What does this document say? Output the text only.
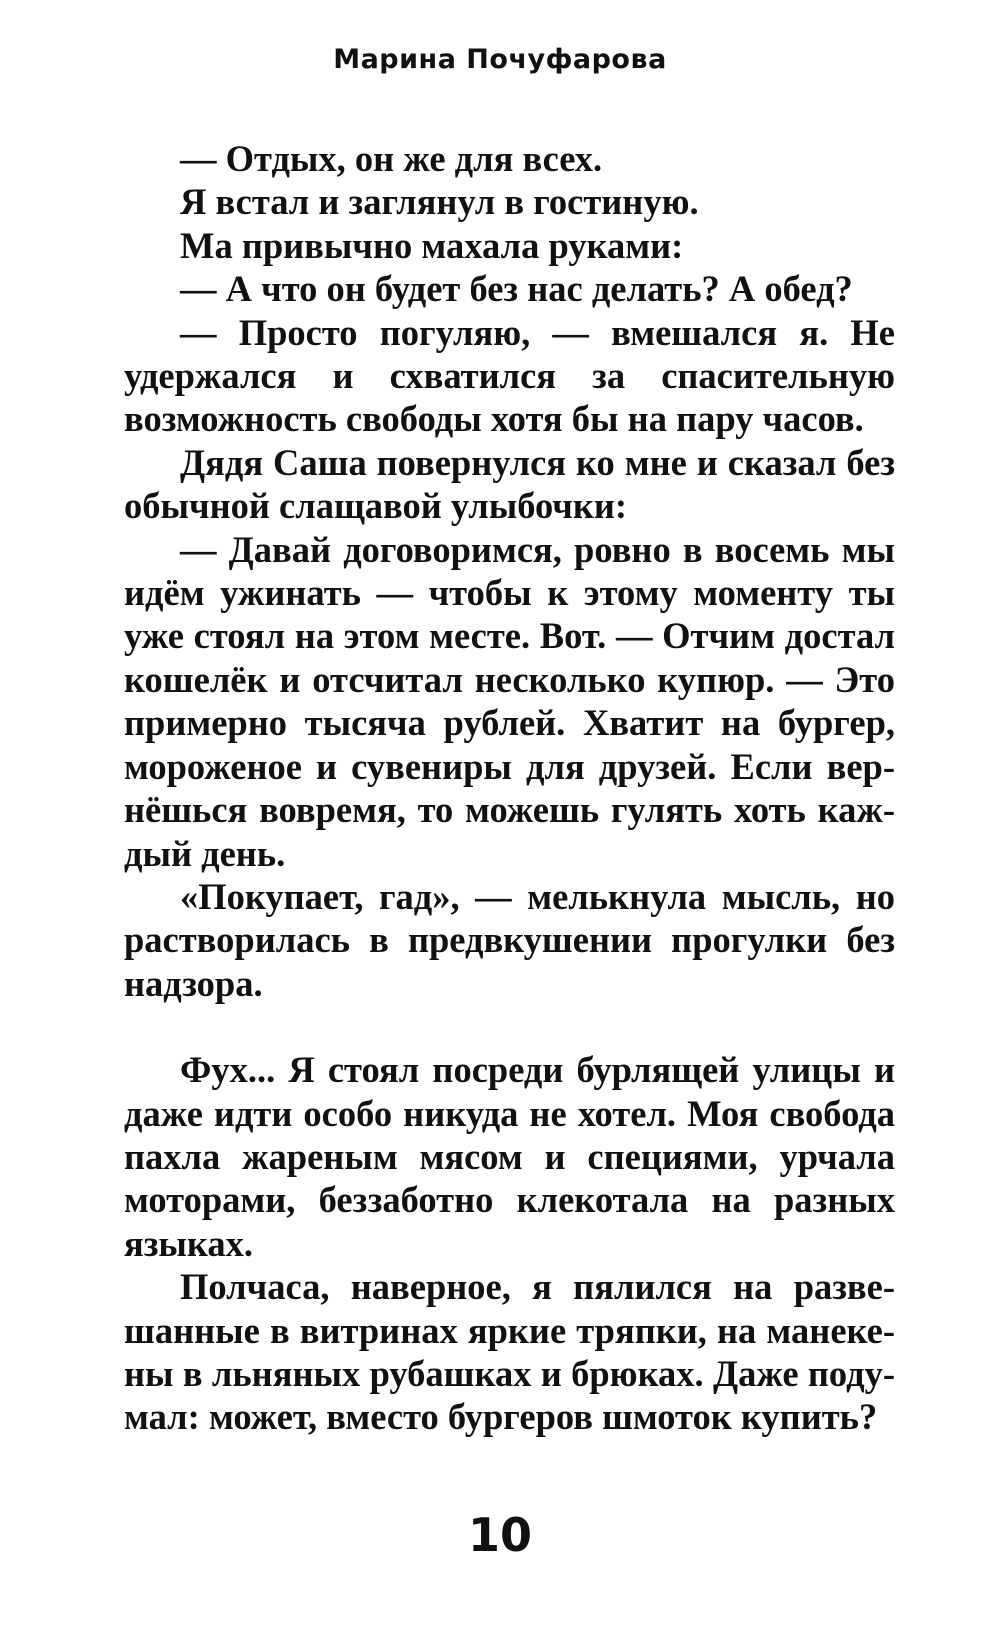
Марина Почуфарова

— Отдых, он же для всех.

Я встал и заглянул в гостиную.

Ма привычно махала руками:

— А что он будет без нас делать? А обед?

— Просто погуляю, — вмешался я. Не удержался и схватился за спасительную возможность свободы хотя бы на пару часов.

Дядя Саша повернулся ко мне и сказал без обычной слащавой улыбочки:

— Давай договоримся, ровно в восемь мы идём ужинать — чтобы к этому моменту ты уже стоял на этом месте. Вот. — Отчим достал кошелёк и отсчитал несколько купюр. — Это примерно тысяча рублей. Хватит на бургер, мороженое и сувениры для друзей. Если вернёшься вовремя, то можешь гулять хоть каждый день.

«Покупает, гад», — мелькнула мысль, но растворилась в предвкушении прогулки без надзора.

Фух... Я стоял посреди бурлящей улицы и даже идти особо никуда не хотел. Моя свобода пахла жареным мясом и специями, урчала моторами, беззаботно клекотала на разных языках.

Полчаса, наверное, я пялился на развешанные в витринах яркие тряпки, на манекены в льняных рубашках и брюках. Даже подумал: может, вместо бургеров шмоток купить?

10
